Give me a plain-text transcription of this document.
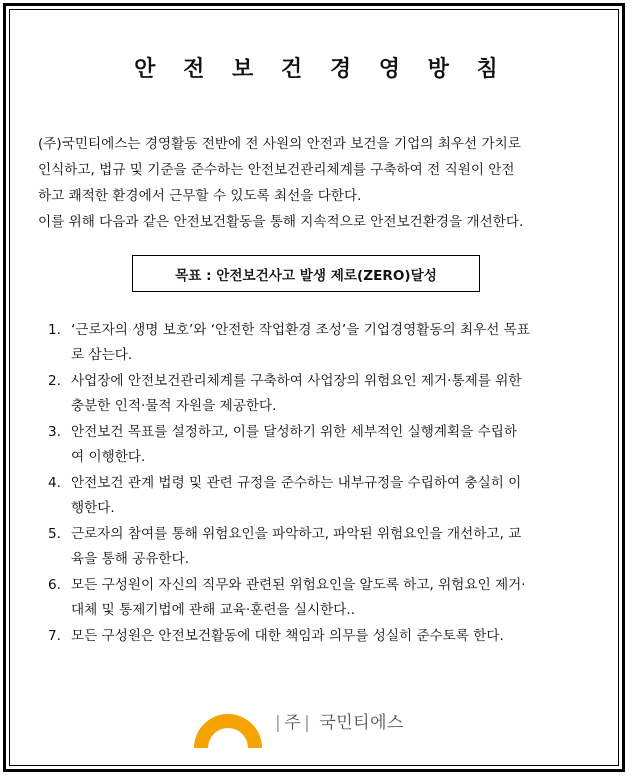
안 전 보 건 경 영 방 침
(주)국민티에스는 경영활동 전반에 전 사원의 안전과 보건을 기업의 최우선 가치로
인식하고, 법규 및 기준을 준수하는 안전보건관리체계를 구축하여 전 직원이 안전
하고 쾌적한 환경에서 근무할 수 있도록 최선을 다한다.
이를 위해 다음과 같은 안전보건활동을 통해 지속적으로 안전보건환경을 개선한다.
목표 : 안전보건사고 발생 제로(ZERO)달성
1. ‘근로자의 생명 보호’와 ‘안전한 작업환경 조성’을 기업경영활동의 최우선 목표
로 삼는다.
2. 사업장에 안전보건관리체계를 구축하여 사업장의 위험요인 제거·통제를 위한
충분한 인적·물적 자원을 제공한다.
3. 안전보건 목표를 설정하고, 이를 달성하기 위한 세부적인 실행계획을 수립하
여 이행한다.
4. 안전보건 관계 법령 및 관련 규정을 준수하는 내부규정을 수립하여 충실히 이
행한다.
5. 근로자의 참여를 통해 위험요인을 파악하고, 파악된 위험요인을 개선하고, 교
육을 통해 공유한다.
6. 모든 구성원이 자신의 직무와 관련된 위험요인을 알도록 하고, 위험요인 제거·
대체 및 통제기법에 관해 교육·훈련을 실시한다..
7. 모든 구성원은 안전보건활동에 대한 책임과 의무를 성실히 준수토록 한다.
| 주 | 국민티에스
